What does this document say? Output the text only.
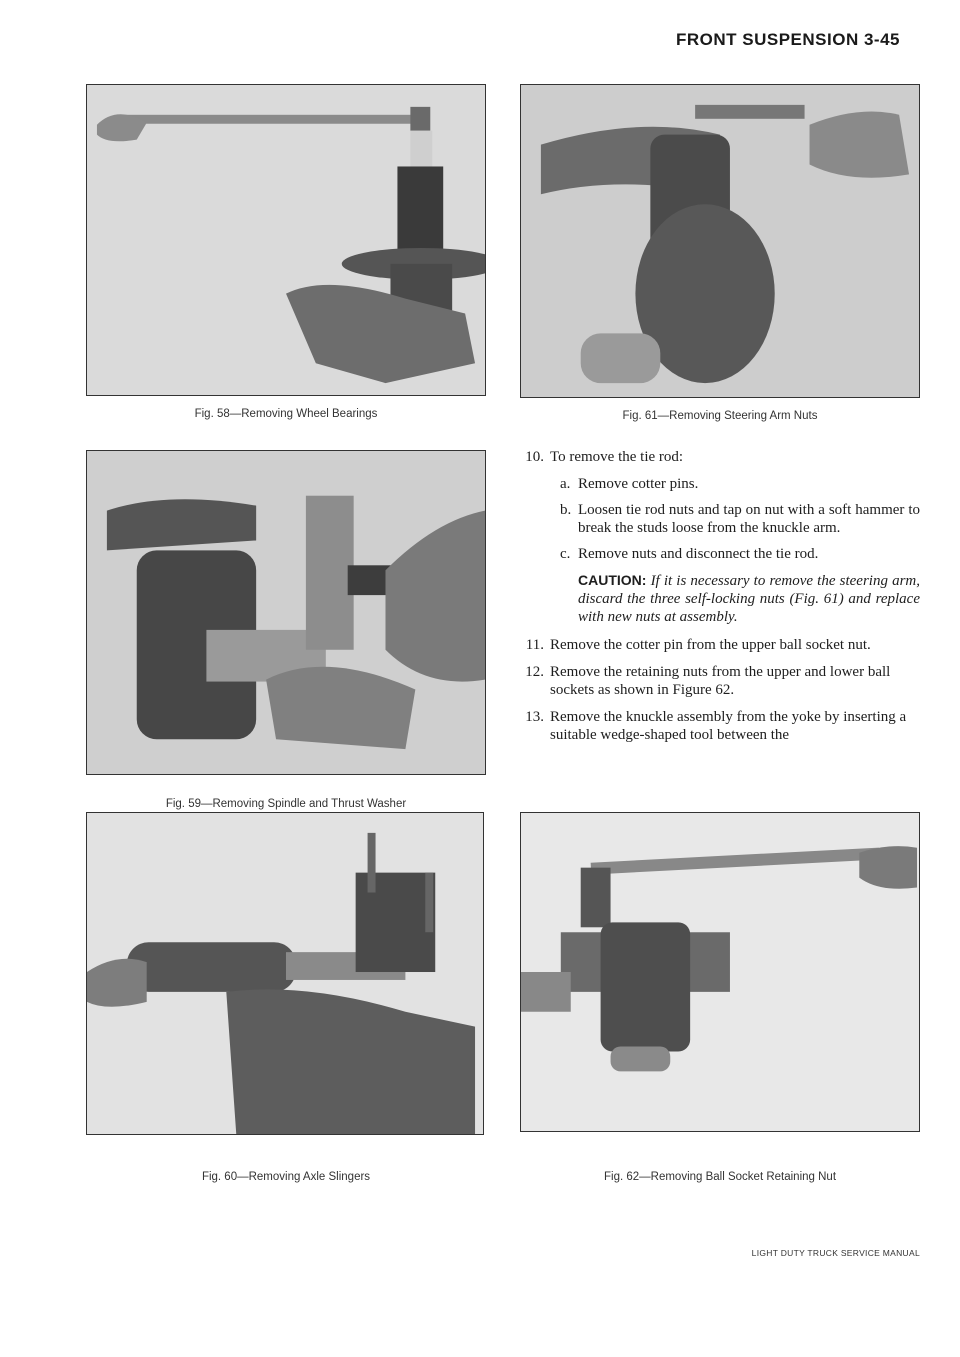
FRONT SUSPENSION 3-45
Fig. 58—Removing Wheel Bearings
Fig. 59—Removing Spindle and Thrust Washer
Fig. 60—Removing Axle Slingers
Fig. 61—Removing Steering Arm Nuts
Fig. 62—Removing Ball Socket Retaining Nut
10. To remove the tie rod:
a. Remove cotter pins.
b. Loosen tie rod nuts and tap on nut with a soft hammer to break the studs loose from the knuckle arm.
c. Remove nuts and disconnect the tie rod.
CAUTION: If it is necessary to remove the steering arm, discard the three self-locking nuts (Fig. 61) and replace with new nuts at assembly.
11. Remove the cotter pin from the upper ball socket nut.
12. Remove the retaining nuts from the upper and lower ball sockets as shown in Figure 62.
13. Remove the knuckle assembly from the yoke by inserting a suitable wedge-shaped tool between the
LIGHT DUTY TRUCK SERVICE MANUAL
